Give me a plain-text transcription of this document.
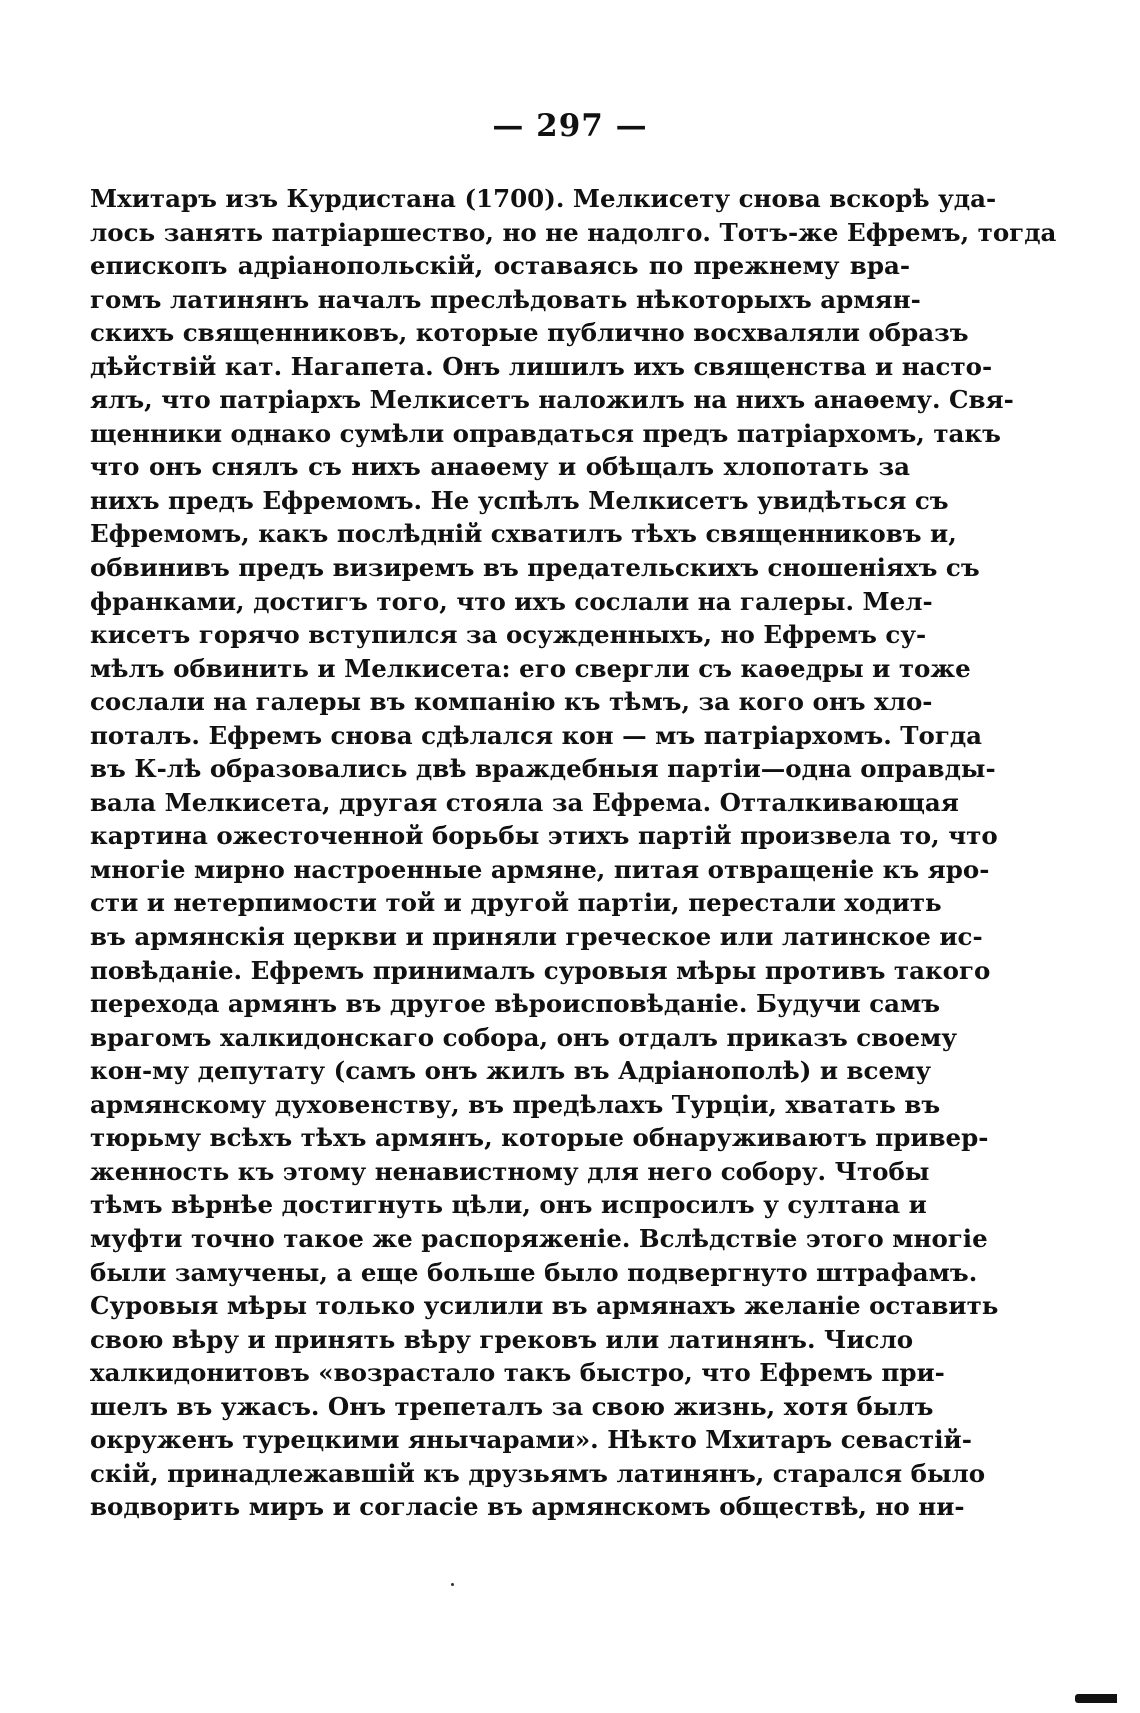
— 297 —
Мхитаръ изъ Курдистана (1700). Мелкисету снова вскорѣ уда-
лось занять патріаршество, но не надолго. Тотъ-же Ефремъ, тогда
епископъ адріанопольскій, оставаясь по прежнему вра-
гомъ латинянъ началъ преслѣдовать нѣкоторыхъ армян-
скихъ священниковъ, которые публично восхваляли образъ
дѣйствій кат. Нагапета. Онъ лишилъ ихъ священства и насто-
ялъ, что патріархъ Мелкисетъ наложилъ на нихъ анаѳему. Свя-
щенники однако сумѣли оправдаться предъ патріархомъ, такъ
что онъ снялъ съ нихъ анаѳему и обѣщалъ хлопотать за
нихъ предъ Ефремомъ. Не успѣлъ Мелкисетъ увидѣться съ
Ефремомъ, какъ послѣдній схватилъ тѣхъ священниковъ и,
обвинивъ предъ визиремъ въ предательскихъ сношеніяхъ съ
франками, достигъ того, что ихъ сослали на галеры. Мел-
кисетъ горячо вступился за осужденныхъ, но Ефремъ су-
мѣлъ обвинить и Мелкисета: его свергли съ каѳедры и тоже
сослали на галеры въ компанію къ тѣмъ, за кого онъ хло-
поталъ. Ефремъ снова сдѣлался кон — мъ патріархомъ. Тогда
въ К-лѣ образовались двѣ враждебныя партіи—одна оправды-
вала Мелкисета, другая стояла за Ефрема. Отталкивающая
картина ожесточенной борьбы этихъ партій произвела то, что
многіе мирно настроенные армяне, питая отвращеніе къ яро-
сти и нетерпимости той и другой партіи, перестали ходить
въ армянскія церкви и приняли греческое или латинское ис-
повѣданіе. Ефремъ принималъ суровыя мѣры противъ такого
перехода армянъ въ другое вѣроисповѣданіе. Будучи самъ
врагомъ халкидонскаго собора, онъ отдалъ приказъ своему
кон-му депутату (самъ онъ жилъ въ Адріанополѣ) и всему
армянскому духовенству, въ предѣлахъ Турціи, хватать въ
тюрьму всѣхъ тѣхъ армянъ, которые обнаруживаютъ привер-
женность къ этому ненавистному для него собору. Чтобы
тѣмъ вѣрнѣе достигнуть цѣли, онъ испросилъ у султана и
муфти точно такое же распоряженіе. Вслѣдствіе этого многіе
были замучены, а еще больше было подвергнуто штрафамъ.
Суровыя мѣры только усилили въ армянахъ желаніе оставить
свою вѣру и принять вѣру грековъ или латинянъ. Число
халкидонитовъ «возрастало такъ быстро, что Ефремъ при-
шелъ въ ужасъ. Онъ трепеталъ за свою жизнь, хотя былъ
окруженъ турецкими янычарами». Нѣкто Мхитаръ севастій-
скій, принадлежавшій къ друзьямъ латинянъ, старался было
водворить миръ и согласіе въ армянскомъ обществѣ, но ни-
